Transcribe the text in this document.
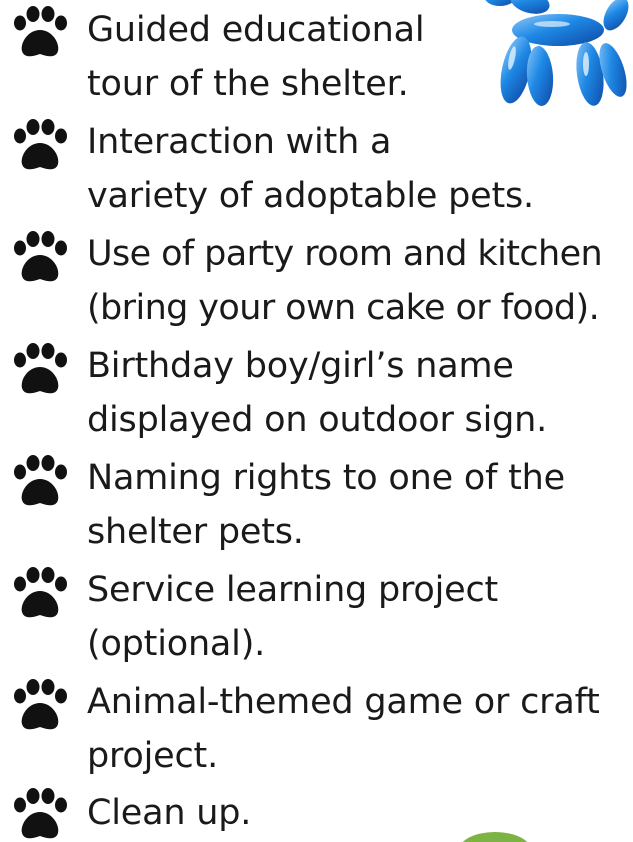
Guided educational
tour of the shelter.
Interaction with a
variety of adoptable pets.
Use of party room and kitchen
(bring your own cake or food).
Birthday boy/girl’s name
displayed on outdoor sign.
Naming rights to one of the
shelter pets.
Service learning project
(optional).
Animal-themed game or craft
project.
Clean up.
